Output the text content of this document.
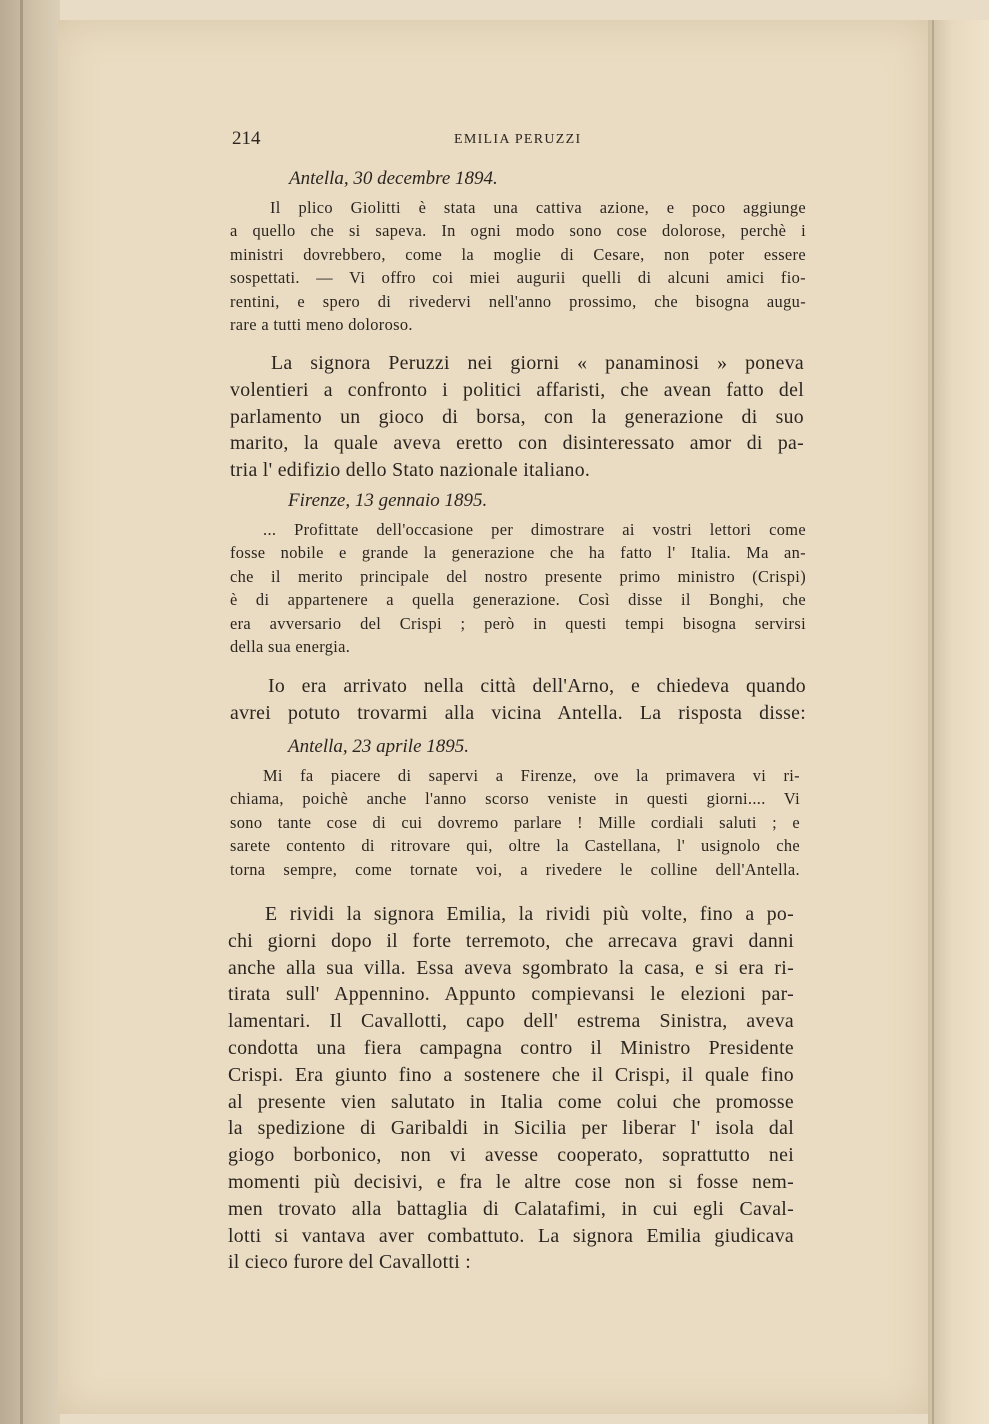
214	EMILIA PERUZZI
Antella, 30 decembre 1894.
Il plico Giolitti è stata una cattiva azione, e poco aggiunge
a quello che si sapeva. In ogni modo sono cose dolorose, perchè i
ministri dovrebbero, come la moglie di Cesare, non poter essere
sospettati. — Vi offro coi miei augurii quelli di alcuni amici fio-
rentini, e spero di rivedervi nell'anno prossimo, che bisogna augu-
rare a tutti meno doloroso.
La signora Peruzzi nei giorni « panaminosi » poneva
volentieri a confronto i politici affaristi, che avean fatto del
parlamento un gioco di borsa, con la generazione di suo
marito, la quale aveva eretto con disinteressato amor di pa-
tria l' edifizio dello Stato nazionale italiano.
Firenze, 13 gennaio 1895.
... Profittate dell'occasione per dimostrare ai vostri lettori come
fosse nobile e grande la generazione che ha fatto l' Italia. Ma an-
che il merito principale del nostro presente primo ministro (Crispi)
è di appartenere a quella generazione. Così disse il Bonghi, che
era avversario del Crispi ; però in questi tempi bisogna servirsi
della sua energia.
Io era arrivato nella città dell'Arno, e chiedeva quando
avrei potuto trovarmi alla vicina Antella. La risposta disse:
Antella, 23 aprile 1895.
Mi fa piacere di sapervi a Firenze, ove la primavera vi ri-
chiama, poichè anche l'anno scorso veniste in questi giorni.... Vi
sono tante cose di cui dovremo parlare ! Mille cordiali saluti ; e
sarete contento di ritrovare qui, oltre la Castellana, l' usignolo che
torna sempre, come tornate voi, a rivedere le colline dell'Antella.
E rividi la signora Emilia, la rividi più volte, fino a po-
chi giorni dopo il forte terremoto, che arrecava gravi danni
anche alla sua villa. Essa aveva sgombrato la casa, e si era ri-
tirata sull' Appennino. Appunto compievansi le elezioni par-
lamentari. Il Cavallotti, capo dell' estrema Sinistra, aveva
condotta una fiera campagna contro il Ministro Presidente
Crispi. Era giunto fino a sostenere che il Crispi, il quale fino
al presente vien salutato in Italia come colui che promosse
la spedizione di Garibaldi in Sicilia per liberar l' isola dal
giogo borbonico, non vi avesse cooperato, soprattutto nei
momenti più decisivi, e fra le altre cose non si fosse nem-
men trovato alla battaglia di Calatafimi, in cui egli Caval-
lotti si vantava aver combattuto. La signora Emilia giudicava
il cieco furore del Cavallotti :
